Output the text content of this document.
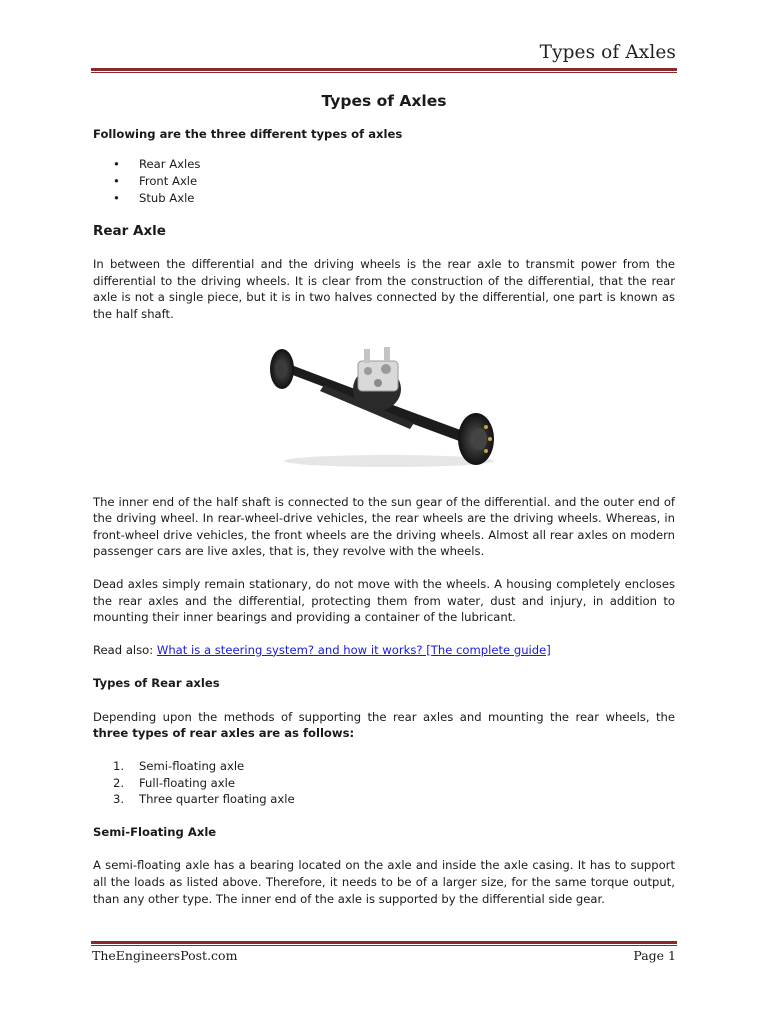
Types of Axles
Types of Axles

Following are the three different types of axles

• Rear Axles
• Front Axle
• Stub Axle
Rear Axle

In between the differential and the driving wheels is the rear axle to transmit power from the differential to the driving wheels. It is clear from the construction of the differential, that the rear axle is not a single piece, but it is in two halves connected by the differential, one part is known as the half shaft.

The inner end of the half shaft is connected to the sun gear of the differential. and the outer end of the driving wheel. In rear-wheel-drive vehicles, the rear wheels are the driving wheels. Whereas, in front-wheel drive vehicles, the front wheels are the driving wheels. Almost all rear axles on modern passenger cars are live axles, that is, they revolve with the wheels.

Dead axles simply remain stationary, do not move with the wheels. A housing completely encloses the rear axles and the differential, protecting them from water, dust and injury, in addition to mounting their inner bearings and providing a container of the lubricant.

Read also: What is a steering system? and how it works? [The complete guide]

Types of Rear axles

Depending upon the methods of supporting the rear axles and mounting the rear wheels, the three types of rear axles are as follows:

1. Semi-floating axle
2. Full-floating axle
3. Three quarter floating axle
Semi-Floating Axle

A semi-floating axle has a bearing located on the axle and inside the axle casing. It has to support all the loads as listed above. Therefore, it needs to be of a larger size, for the same torque output, than any other type. The inner end of the axle is supported by the differential side gear.

TheEngineersPost.com	Page 1
